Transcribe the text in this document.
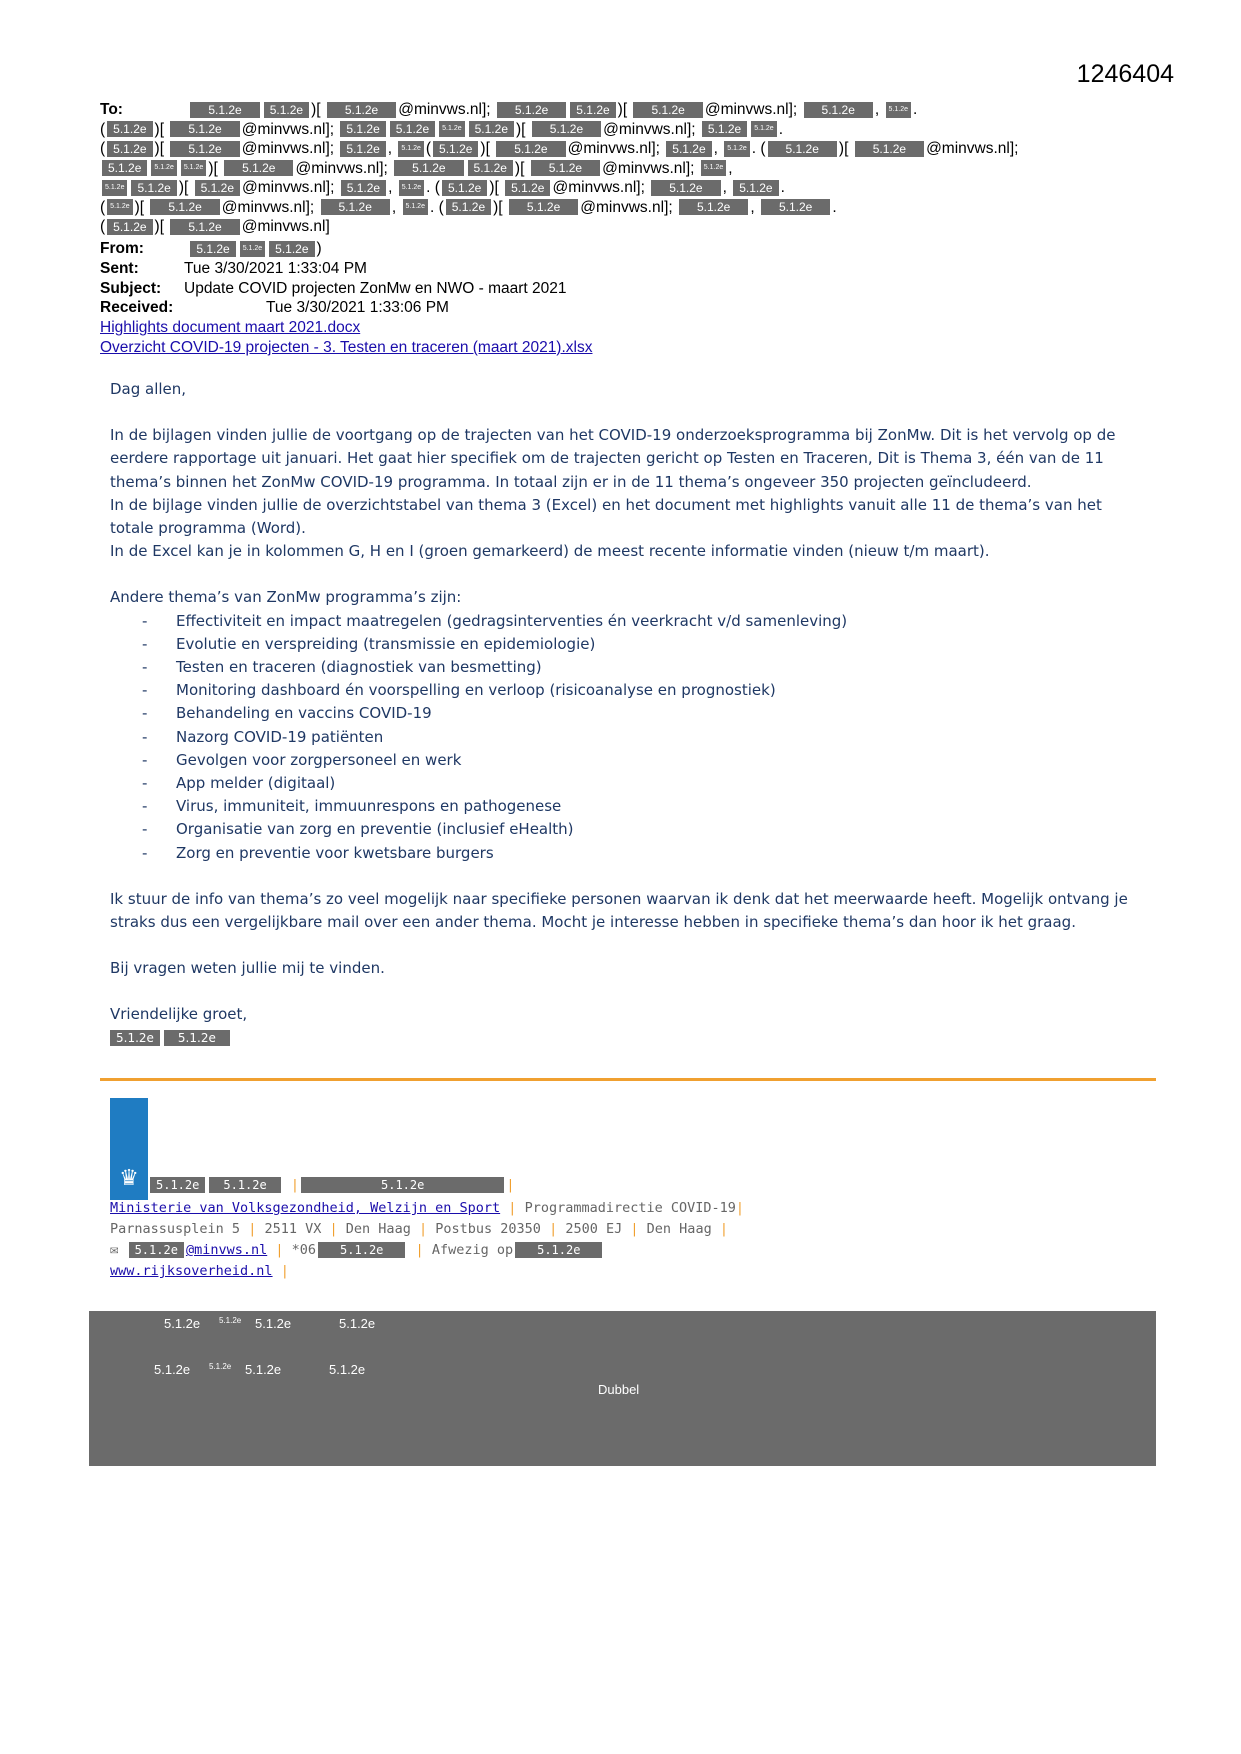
1246404
To:	5.1.2e 5.1.2e )[ 5.1.2e @minvws.nl]; 5.1.2e 5.1.2e )[ 5.1.2e @minvws.nl]; 5.1.2e , 5.1.2e .
( 5.1.2e )[ 5.1.2e @minvws.nl]; 5.1.2e 5.1.2e 5.1.2e 5.1.2e )[ 5.1.2e @minvws.nl]; 5.1.2e 5.1.2e .
( 5.1.2e )[ 5.1.2e @minvws.nl]; 5.1.2e , 5.1.2e ( 5.1.2e )[ 5.1.2e @minvws.nl]; 5.1.2e , 5.1.2e . ( 5.1.2e )[ 5.1.2e @minvws.nl];
5.1.2e 5.1.2e 5.1.2e )[ 5.1.2e @minvws.nl]; 5.1.2e 5.1.2e )[ 5.1.2e @minvws.nl]; 5.1.2e ,
5.1.2e 5.1.2e )[ 5.1.2e @minvws.nl]; 5.1.2e , 5.1.2e . ( 5.1.2e )[ 5.1.2e @minvws.nl]; 5.1.2e , 5.1.2e .
( 5.1.2e )[ 5.1.2e @minvws.nl]; 5.1.2e , 5.1.2e . ( 5.1.2e )[ 5.1.2e @minvws.nl]; 5.1.2e , 5.1.2e .
( 5.1.2e )[ 5.1.2e @minvws.nl]
From:	5.1.2e 5.1.2e 5.1.2e )
Sent:	Tue 3/30/2021 1:33:04 PM
Subject: Update COVID projecten ZonMw en NWO - maart 2021
Received:	Tue 3/30/2021 1:33:06 PM
Highlights document maart 2021.docx
Overzicht COVID-19 projecten - 3. Testen en traceren (maart 2021).xlsx

Dag allen,

In de bijlagen vinden jullie de voortgang op de trajecten van het COVID-19 onderzoeksprogramma bij ZonMw. Dit is het vervolg op de eerdere rapportage uit januari. Het gaat hier specifiek om de trajecten gericht op Testen en Traceren, Dit is Thema 3, één van de 11 thema’s binnen het ZonMw COVID-19 programma. In totaal zijn er in de 11 thema’s ongeveer 350 projecten geïncludeerd.

In de bijlage vinden jullie de overzichtstabel van thema 3 (Excel) en het document met highlights vanuit alle 11 de thema’s van het totale programma (Word).

In de Excel kan je in kolommen G, H en I (groen gemarkeerd) de meest recente informatie vinden (nieuw t/m maart).

Andere thema’s van ZonMw programma’s zijn:

- Effectiviteit en impact maatregelen (gedragsinterventies én veerkracht v/d samenleving)
- Evolutie en verspreiding (transmissie en epidemiologie)
- Testen en traceren (diagnostiek van besmetting)
- Monitoring dashboard én voorspelling en verloop (risicoanalyse en prognostiek)
- Behandeling en vaccins COVID-19
- Nazorg COVID-19 patiënten
- Gevolgen voor zorgpersoneel en werk
- App melder (digitaal)
- Virus, immuniteit, immuunrespons en pathogenese
- Organisatie van zorg en preventie (inclusief eHealth)
- Zorg en preventie voor kwetsbare burgers

Ik stuur de info van thema’s zo veel mogelijk naar specifieke personen waarvan ik denk dat het meerwaarde heeft. Mogelijk ontvang je straks dus een vergelijkbare mail over een ander thema. Mocht je interesse hebben in specifieke thema’s dan hoor ik het graag.

Bij vragen weten jullie mij te vinden.

Vriendelijke groet,

5.1.2e 5.1.2e
♛	5.1.2e 5.1.2e |	5.1.2e	|
Ministerie van Volksgezondheid, Welzijn en Sport | Programmadirectie COVID-19|
Parnassusplein 5 | 2511 VX | Den Haag | Postbus 20350 | 2500 EJ | Den Haag |
✉ 5.1.2e @minvws.nl | *06 5.1.2e | Afwezig op 5.1.2e
www.rijksoverheid.nl |
5.1.2e 5.1.2e 5.1.2e	5.1.2e
5.1.2e 5.1.2e 5.1.2e	5.1.2e
Dubbel
